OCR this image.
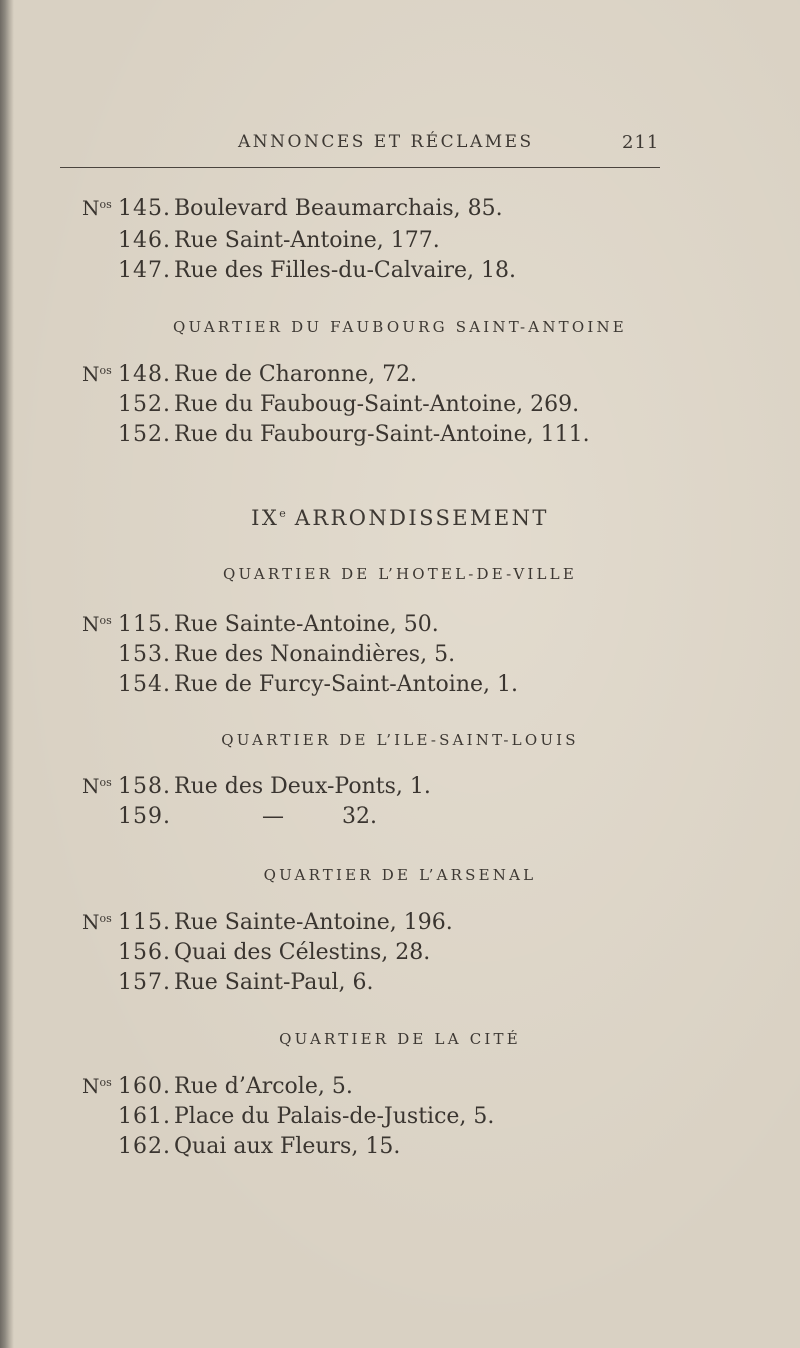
ANNONCES ET RÉCLAMES	211
$N^{os}$ 145. Boulevard Beaumarchais, 85.
146. Rue Saint-Antoine, 177.
147. Rue des Filles-du-Calvaire, 18.
QUARTIER DU FAUBOURG SAINT-ANTOINE
$N^{os}$ 148. Rue de Charonne, 72.
152. Rue du Fauboug-Saint-Antoine, 269.
152. Rue du Faubourg-Saint-Antoine, 111.
IXe ARRONDISSEMENT
QUARTIER DE L’HOTEL-DE-VILLE
$N^{os}$ 115. Rue Sainte-Antoine, 50.
153. Rue des Nonaindières, 5.
154. Rue de Furcy-Saint-Antoine, 1.
QUARTIER DE L’ILE-SAINT-LOUIS
$N^{os}$ 158. Rue des Deux-Ponts, 1.
159.	—	32.
QUARTIER DE L’ARSENAL
$N^{os}$ 115. Rue Sainte-Antoine, 196.
156. Quai des Célestins, 28.
157. Rue Saint-Paul, 6.
QUARTIER DE LA CITÉ
$N^{os}$ 160. Rue d’Arcole, 5.
161. Place du Palais-de-Justice, 5.
162. Quai aux Fleurs, 15.
